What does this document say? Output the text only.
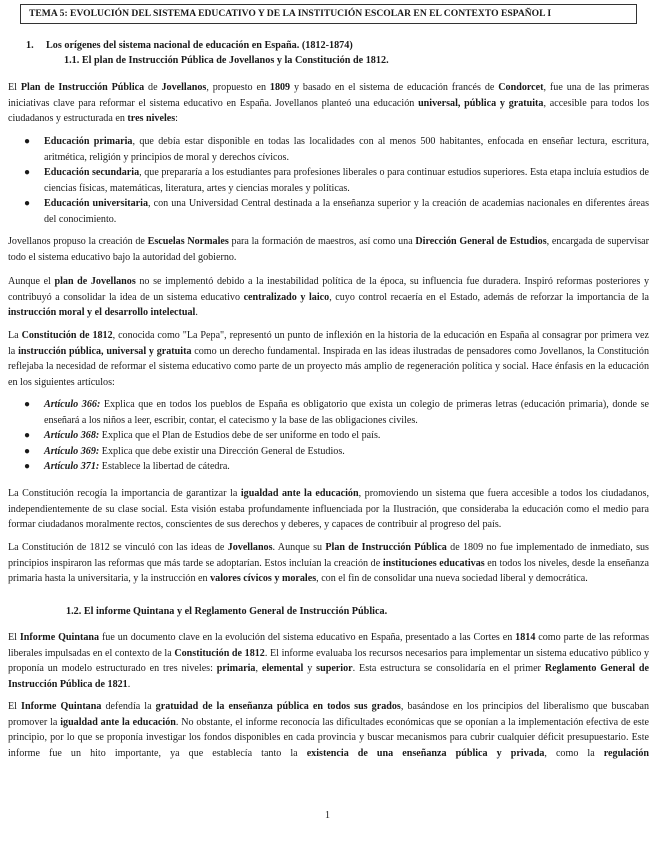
TEMA 5: EVOLUCIÓN DEL SISTEMA EDUCATIVO Y DE LA INSTITUCIÓN ESCOLAR EN EL CONTEXTO ESPAÑOL I
1. Los orígenes del sistema nacional de educación en España. (1812-1874)
1.1. El plan de Instrucción Pública de Jovellanos y la Constitución de 1812.

El Plan de Instrucción Pública de Jovellanos, propuesto en 1809 y basado en el sistema de educación francés de Condorcet, fue una de las primeras iniciativas clave para reformar el sistema educativo en España. Jovellanos planteó una educación universal, pública y gratuita, accesible para todos los ciudadanos y estructurada en tres niveles:

● Educación primaria, que debía estar disponible en todas las localidades con al menos 500 habitantes, enfocada en enseñar lectura, escritura, aritmética, religión y principios de moral y derechos cívicos.
● Educación secundaria, que prepararía a los estudiantes para profesiones liberales o para continuar estudios superiores. Esta etapa incluía estudios de ciencias físicas, matemáticas, literatura, artes y ciencias morales y políticas.
● Educación universitaria, con una Universidad Central destinada a la enseñanza superior y la creación de academias nacionales en diferentes áreas del conocimiento.

Jovellanos propuso la creación de Escuelas Normales para la formación de maestros, así como una Dirección General de Estudios, encargada de supervisar todo el sistema educativo bajo la autoridad del gobierno.

Aunque el plan de Jovellanos no se implementó debido a la inestabilidad política de la época, su influencia fue duradera. Inspiró reformas posteriores y contribuyó a consolidar la idea de un sistema educativo centralizado y laico, cuyo control recaería en el Estado, además de reforzar la importancia de la instrucción moral y el desarrollo intelectual.

La Constitución de 1812, conocida como "La Pepa", representó un punto de inflexión en la historia de la educación en España al consagrar por primera vez la instrucción pública, universal y gratuita como un derecho fundamental. Inspirada en las ideas ilustradas de pensadores como Jovellanos, la Constitución reflejaba la necesidad de reformar el sistema educativo como parte de un proyecto más amplio de regeneración política y social. Hace énfasis en la educación en los siguientes artículos:

● Artículo 366: Explica que en todos los pueblos de España es obligatorio que exista un colegio de primeras letras (educación primaria), donde se enseñará a los niños a leer, escribir, contar, el catecismo y la base de las obligaciones civiles.
● Artículo 368: Explica que el Plan de Estudios debe de ser uniforme en todo el país.
● Artículo 369: Explica que debe existir una Dirección General de Estudios.
● Artículo 371: Establece la libertad de cátedra.

La Constitución recogía la importancia de garantizar la igualdad ante la educación, promoviendo un sistema que fuera accesible a todos los ciudadanos, independientemente de su clase social. Esta visión estaba profundamente influenciada por la Ilustración, que consideraba la educación como el medio para formar ciudadanos moralmente rectos, conscientes de sus derechos y deberes, y capaces de contribuir al progreso del país.

La Constitución de 1812 se vinculó con las ideas de Jovellanos. Aunque su Plan de Instrucción Pública de 1809 no fue implementado de inmediato, sus principios inspiraron las reformas que más tarde se adoptarían. Estos incluían la creación de instituciones educativas en todos los niveles, desde la enseñanza primaria hasta la universitaria, y la instrucción en valores cívicos y morales, con el fin de consolidar una nueva sociedad liberal y democrática.

1.2. El informe Quintana y el Reglamento General de Instrucción Pública.

El Informe Quintana fue un documento clave en la evolución del sistema educativo en España, presentado a las Cortes en 1814 como parte de las reformas liberales impulsadas en el contexto de la Constitución de 1812. El informe evaluaba los recursos necesarios para implementar un sistema educativo público y proponía un modelo estructurado en tres niveles: primaria, elemental y superior. Esta estructura se consolidaría en el primer Reglamento General de Instrucción Pública de 1821.

El Informe Quintana defendía la gratuidad de la enseñanza pública en todos sus grados, basándose en los principios del liberalismo que buscaban promover la igualdad ante la educación. No obstante, el informe reconocía las dificultades económicas que se oponían a la implementación efectiva de este principio, por lo que se proponía investigar los fondos disponibles en cada provincia y buscar mecanismos para cubrir cualquier déficit presupuestario. Este informe fue un hito importante, ya que establecía tanto la existencia de una enseñanza pública y privada, como la regulación

1
